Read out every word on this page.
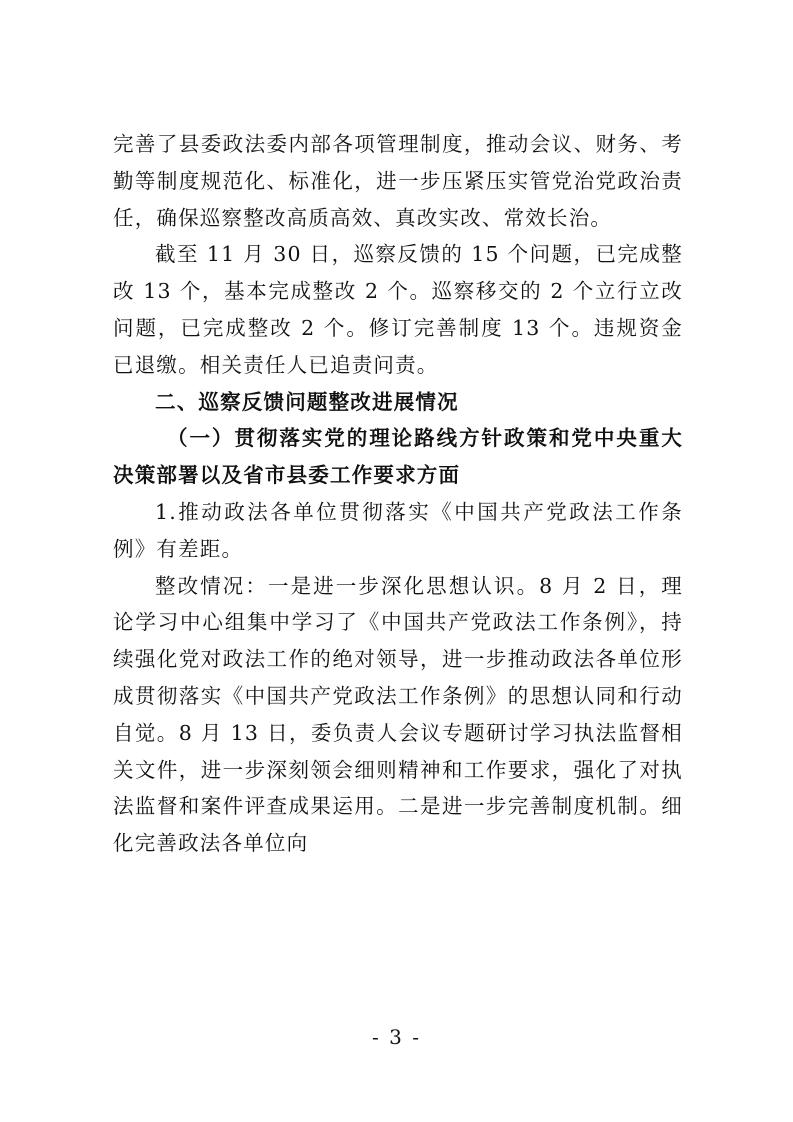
完善了县委政法委内部各项管理制度，推动会议、财务、考勤等制度规范化、标准化，进一步压紧压实管党治党政治责任，确保巡察整改高质高效、真改实改、常效长治。

截至 11 月 30 日，巡察反馈的 15 个问题，已完成整改 13 个，基本完成整改 2 个。巡察移交的 2 个立行立改问题，已完成整改 2 个。修订完善制度 13 个。违规资金已退缴。相关责任人已追责问责。

二、巡察反馈问题整改进展情况

（一）贯彻落实党的理论路线方针政策和党中央重大决策部署以及省市县委工作要求方面

1.推动政法各单位贯彻落实《中国共产党政法工作条例》有差距。

整改情况：一是进一步深化思想认识。8 月 2 日，理论学习中心组集中学习了《中国共产党政法工作条例》，持续强化党对政法工作的绝对领导，进一步推动政法各单位形成贯彻落实《中国共产党政法工作条例》的思想认同和行动自觉。8 月 13 日，委负责人会议专题研讨学习执法监督相关文件，进一步深刻领会细则精神和工作要求，强化了对执法监督和案件评查成果运用。二是进一步完善制度机制。细化完善政法各单位向

- 3 -
